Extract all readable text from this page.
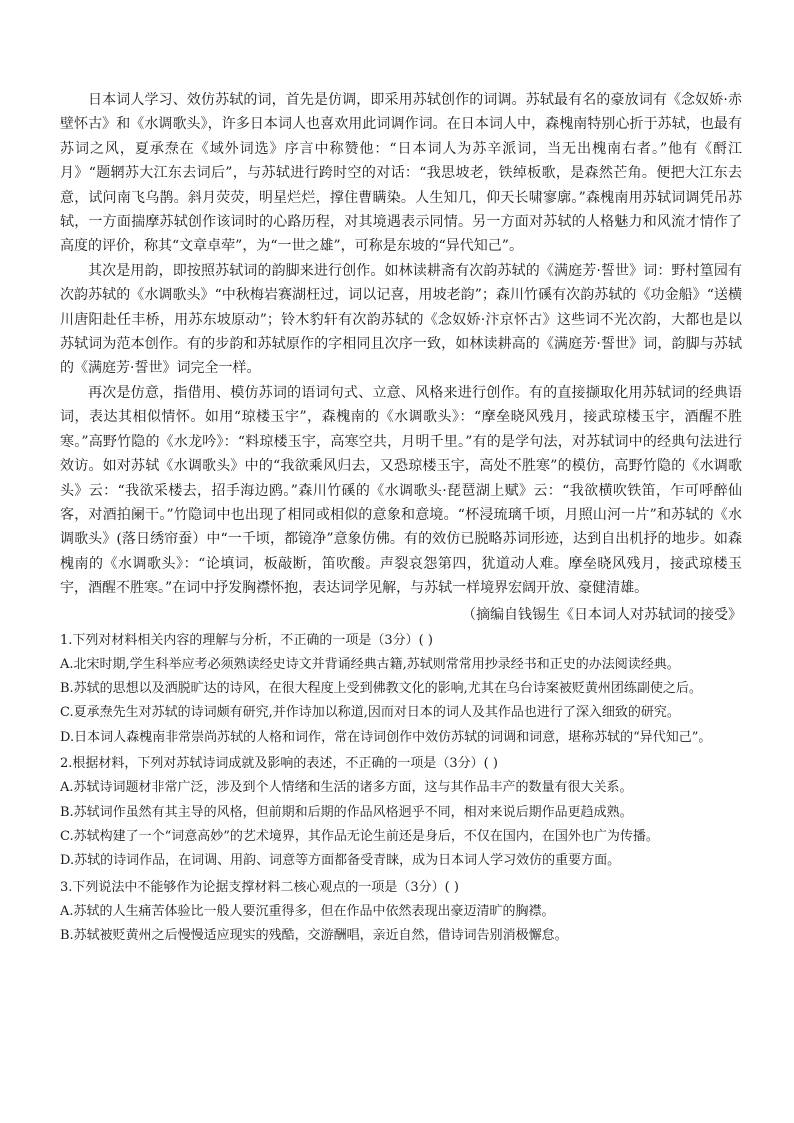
日本词人学习、效仿苏轼的词，首先是仿调，即采用苏轼创作的词调。苏轼最有名的豪放词有《念奴娇·赤壁怀古》和《水调歌头》，许多日本词人也喜欢用此词调作词。在日本词人中，森槐南特别心折于苏轼，也最有苏词之风，夏承焘在《域外词选》序言中称赞他：“日本词人为苏辛派词，当无出槐南右者。”他有《酹江月》“题辋苏大江东去词后”，与苏轼进行跨时空的对话：“我思坡老，铁绰板歌，是森然芒角。便把大江东去意，试问南飞乌鹊。斜月荧荧，明星烂烂，撑住曹瞒染。人生知几，仰天长啸寥廓。”森槐南用苏轼词调凭吊苏轼，一方面揣摩苏轼创作该词时的心路历程，对其境遇表示同情。另一方面对苏轼的人格魅力和风流才情作了高度的评价，称其“文章卓荦”，为“一世之雄”，可称是东坡的“异代知己”。

其次是用韵，即按照苏轼词的韵脚来进行创作。如林读耕斋有次韵苏轼的《满庭芳·誓世》词：野村篁园有次韵苏轼的《水调歌头》“中秋梅岩赛湖枉过，词以记喜，用坡老韵”；森川竹磎有次韵苏轼的《功金船》“送横川唐阳赴任丰桥，用苏东坡原动”；铃木豹轩有次韵苏轼的《念奴娇·汴京怀古》这些词不光次韵，大都也是以苏轼词为范本创作。有的步韵和苏轼原作的字相同且次序一致，如林读耕高的《满庭芳·誓世》词，韵脚与苏轼的《满庭芳·誓世》词完全一样。

再次是仿意，指借用、模仿苏词的语词句式、立意、风格来进行创作。有的直接撷取化用苏轼词的经典语词，表达其相似情怀。如用“琼楼玉宇”，森槐南的《水调歌头》：“摩垒晓风残月，接武琼楼玉宇，酒醒不胜寒。”高野竹隐的《水龙吟》：“料琼楼玉宇，高寒空共，月明千里。”有的是学句法，对苏轼词中的经典句法进行效访。如对苏轼《水调歌头》中的“我欲乘风归去，又恐琼楼玉宇，高处不胜寒”的模仿，高野竹隐的《水调歌头》云：“我欲采楼去，招手海边鸥。”森川竹磎的《水调歌头·琵琶湖上赋》云：“我欲横吹铁笛，乍可呼醉仙客，对酒拍阑干。”竹隐词中也出现了相同或相似的意象和意境。“杯浸琉璃千顷，月照山河一片”和苏轼的《水调歌头》(落日绣帘蚕）中“一千顷，都镜净”意象仿佛。有的效仿已脱略苏词形迹，达到自出机抒的地步。如森槐南的《水调歌头》：“论填词，板敲断，笛吹酸。声裂哀怨第四，犹道动人难。摩垒晓风残月，接武琼楼玉宇，酒醒不胜寒。”在词中抒发胸襟怀抱，表达词学见解，与苏轼一样境界宏阔开放、豪健清雄。

（摘编自钱锡生《日本词人对苏轼词的接受》

1.下列对材料相关内容的理解与分析，不正确的一项是（3分）( )

A.北宋时期,学生科举应考必须熟读经史诗文并背诵经典古籍,苏轼则常常用抄录经书和正史的办法阅读经典。

B.苏轼的思想以及洒脱旷达的诗风，在很大程度上受到佛教文化的影响,尤其在乌台诗案被贬黄州团练副使之后。

C.夏承焘先生对苏轼的诗词颇有研究,并作诗加以称道,因而对日本的词人及其作品也进行了深入细致的研究。

D.日本词人森槐南非常崇尚苏轼的人格和词作，常在诗词创作中效仿苏轼的词调和词意，堪称苏轼的“异代知己”。

2.根据材料，下列对苏轼诗词成就及影响的表述，不正确的一项是（3分）( )

A.苏轼诗词题材非常广泛，涉及到个人情绪和生活的诸多方面，这与其作品丰产的数量有很大关系。

B.苏轼词作虽然有其主导的风格，但前期和后期的作品风格迥乎不同，相对来说后期作品更趋成熟。

C.苏轼构建了一个“词意高妙”的艺术境界，其作品无论生前还是身后，不仅在国内，在国外也广为传播。

D.苏轼的诗词作品，在词调、用韵、词意等方面都备受青睐，成为日本词人学习效仿的重要方面。

3.下列说法中不能够作为论据支撑材料二核心观点的一项是（3分）( )

A.苏轼的人生痛苦体验比一般人要沉重得多，但在作品中依然表现出豪迈清旷的胸襟。

B.苏轼被贬黄州之后慢慢适应现实的残酷，交游酬唱，亲近自然，借诗词告别消极懈怠。
